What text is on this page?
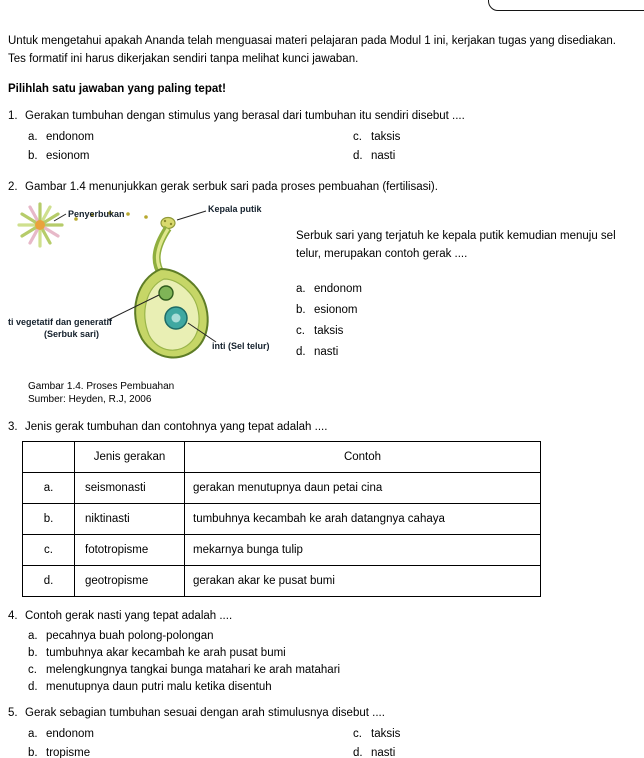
Untuk mengetahui apakah Ananda telah menguasai materi pelajaran pada Modul 1 ini, kerjakan tugas yang disediakan. Tes formatif ini harus dikerjakan sendiri tanpa melihat kunci jawaban.

Pilihlah satu jawaban yang paling tepat!

1. Gerakan tumbuhan dengan stimulus yang berasal dari tumbuhan itu sendiri disebut ....
a. endonom
b. esionom
c. taksis
d. nasti
2. Gambar 1.4 menunjukkan gerak serbuk sari pada proses pembuahan (fertilisasi).
Penyerbukan	Kepala putik
ti vegetatif dan generatif
(Serbuk sari)
inti (Sel telur)
Gambar 1.4. Proses Pembuahan
Sumber: Heyden, R.J, 2006

Serbuk sari yang terjatuh ke kepala putik kemudian menuju sel telur, merupakan contoh gerak ....

a. endonom
b. esionom
c. taksis
d. nasti
3. Jenis gerak tumbuhan dan contohnya yang tepat adalah ....
	Jenis gerakan	Contoh
a.	seismonasti	gerakan menutupnya daun petai cina
b.	niktinasti	tumbuhnya kecambah ke arah datangnya cahaya
c.	fototropisme	mekarnya bunga tulip
d.	geotropisme	gerakan akar ke pusat bumi
4. Contoh gerak nasti yang tepat adalah ....
a. pecahnya buah polong-polongan
b. tumbuhnya akar kecambah ke arah pusat bumi
c. melengkungnya tangkai bunga matahari ke arah matahari
d. menutupnya daun putri malu ketika disentuh
5. Gerak sebagian tumbuhan sesuai dengan arah stimulusnya disebut ....
a. endonom
b. tropisme
c. taksis
d. nasti
